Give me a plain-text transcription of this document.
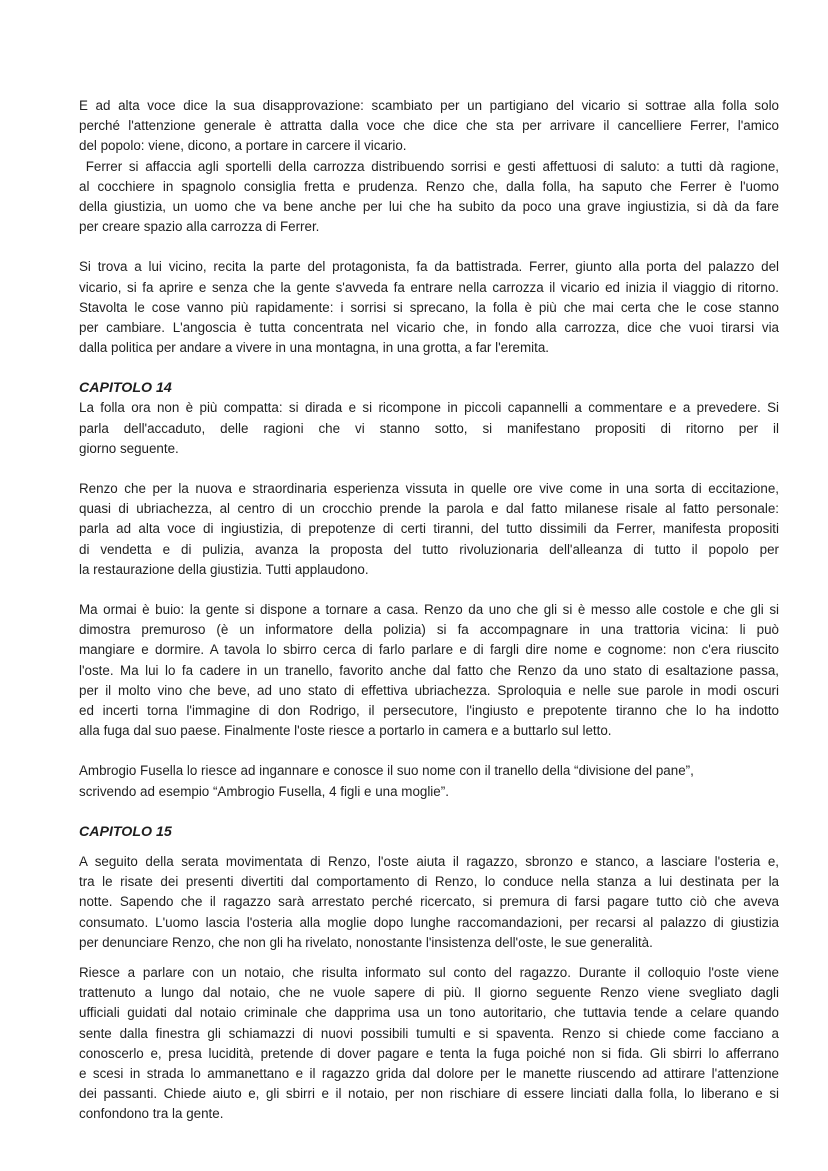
E ad alta voce dice la sua disapprovazione: scambiato per un partigiano del vicario si sottrae alla folla solo
perché l'attenzione generale è attratta dalla voce che dice che sta per arrivare il cancelliere Ferrer, l'amico
del popolo: viene, dicono, a portare in carcere il vicario.
Ferrer si affaccia agli sportelli della carrozza distribuendo sorrisi e gesti affettuosi di saluto: a tutti dà ragione,
al cocchiere in spagnolo consiglia fretta e prudenza. Renzo che, dalla folla, ha saputo che Ferrer è l'uomo
della giustizia, un uomo che va bene anche per lui che ha subito da poco una grave ingiustizia, si dà da fare
per creare spazio alla carrozza di Ferrer.
Si trova a lui vicino, recita la parte del protagonista, fa da battistrada. Ferrer, giunto alla porta del palazzo del
vicario, si fa aprire e senza che la gente s'avveda fa entrare nella carrozza il vicario ed inizia il viaggio di ritorno.
Stavolta le cose vanno più rapidamente: i sorrisi si sprecano, la folla è più che mai certa che le cose stanno
per cambiare. L'angoscia è tutta concentrata nel vicario che, in fondo alla carrozza, dice che vuoi tirarsi via
dalla politica per andare a vivere in una montagna, in una grotta, a far l'eremita.
CAPITOLO 14
La folla ora non è più compatta: si dirada e si ricompone in piccoli capannelli a commentare e a prevedere. Si
parla dell'accaduto, delle ragioni che vi stanno sotto, si manifestano propositi di ritorno per il
giorno seguente.
Renzo che per la nuova e straordinaria esperienza vissuta in quelle ore vive come in una sorta di eccitazione,
quasi di ubriachezza, al centro di un crocchio prende la parola e dal fatto milanese risale al fatto personale:
parla ad alta voce di ingiustizia, di prepotenze di certi tiranni, del tutto dissimili da Ferrer, manifesta propositi
di vendetta e di pulizia, avanza la proposta del tutto rivoluzionaria dell'alleanza di tutto il popolo per
la restaurazione della giustizia. Tutti applaudono.
Ma ormai è buio: la gente si dispone a tornare a casa. Renzo da uno che gli si è messo alle costole e che gli si
dimostra premuroso (è un informatore della polizia) si fa accompagnare in una trattoria vicina: li può
mangiare e dormire. A tavola lo sbirro cerca di farlo parlare e di fargli dire nome e cognome: non c'era riuscito
l'oste. Ma lui lo fa cadere in un tranello, favorito anche dal fatto che Renzo da uno stato di esaltazione passa,
per il molto vino che beve, ad uno stato di effettiva ubriachezza. Sproloquia e nelle sue parole in modi oscuri
ed incerti torna l'immagine di don Rodrigo, il persecutore, l'ingiusto e prepotente tiranno che lo ha indotto
alla fuga dal suo paese. Finalmente l'oste riesce a portarlo in camera e a buttarlo sul letto.
Ambrogio Fusella lo riesce ad ingannare e conosce il suo nome con il tranello della “divisione del pane”,
scrivendo ad esempio “Ambrogio Fusella, 4 figli e una moglie”.
CAPITOLO 15
A seguito della serata movimentata di Renzo, l'oste aiuta il ragazzo, sbronzo e stanco, a lasciare l'osteria e,
tra le risate dei presenti divertiti dal comportamento di Renzo, lo conduce nella stanza a lui destinata per la
notte. Sapendo che il ragazzo sarà arrestato perché ricercato, si premura di farsi pagare tutto ciò che aveva
consumato. L'uomo lascia l'osteria alla moglie dopo lunghe raccomandazioni, per recarsi al palazzo di giustizia
per denunciare Renzo, che non gli ha rivelato, nonostante l'insistenza dell'oste, le sue generalità.
Riesce a parlare con un notaio, che risulta informato sul conto del ragazzo. Durante il colloquio l'oste viene
trattenuto a lungo dal notaio, che ne vuole sapere di più. Il giorno seguente Renzo viene svegliato dagli
ufficiali guidati dal notaio criminale che dapprima usa un tono autoritario, che tuttavia tende a celare quando
sente dalla finestra gli schiamazzi di nuovi possibili tumulti e si spaventa. Renzo si chiede come facciano a
conoscerlo e, presa lucidità, pretende di dover pagare e tenta la fuga poiché non si fida. Gli sbirri lo afferrano
e scesi in strada lo ammanettano e il ragazzo grida dal dolore per le manette riuscendo ad attirare l'attenzione
dei passanti. Chiede aiuto e, gli sbirri e il notaio, per non rischiare di essere linciati dalla folla, lo liberano e si
confondono tra la gente.
